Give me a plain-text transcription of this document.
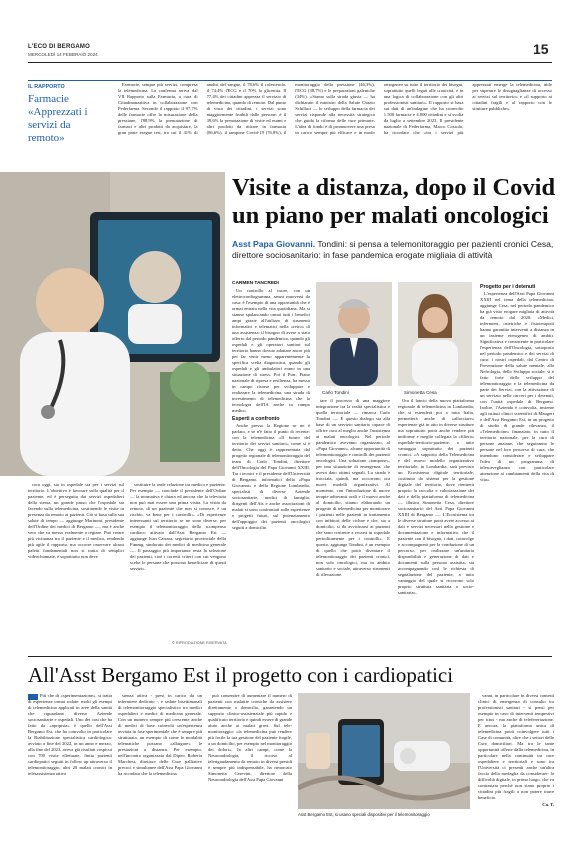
L'ECO DI BERGAMO
MERCOLEDÌ 14 FEBBRAIO 2024	15
IL RAPPORTO
Farmacie «Apprezzati i servizi da remoto»

Farmacie, sempre più servizi, compresa la telemedicina. La conferma arriva dal VII Rapporto sulla Farmacia, a cura di Cittadinanzattiva in collaborazione con Federfarma. Secondo il rapporto il 97,7% delle farmacie offre la misurazione della pressione, l'88,9% la prenotazione di farmaci e altri prodotti da acquistare, la gran parte esegue test, tra cui il 41% di analisi del sangue, il 78,6% il colesterolo, il 74,4% l'ECG e il 70% la glicemia. Il 77,4% dei cittadini apprezza il servizio di telemedicina, quando di remoto. Dal punto di vista dei cittadini, i servizi sono maggiormente fruibili dalle persone: è il 39,6% la prenotazione di visite ed esami e altri prodotti da ritirare in farmacia (86,6%), il tampone Covid-19 (76,8%), il monitoraggio della pressione (46,3%), l'ECG (38,7%) e le preparazioni galeniche (34%). «Siamo sulla strada giusta — ha dichiarato il ministro della Salute Orazio Schillaci — lo sviluppo della farmacia dei servizi risponde alla necessità strategica che guida la riforma delle cure primarie. L'idea di fondo è di promuovere una presa in carico sempre più efficace e in modo omogeneo su tutto il territorio dei bisogni, soprattutto quelli legati alle cronicità, e in una logica di collaborazione con gli altri professionisti sanitari». Il rapporto si basa sui dati di un'indagine che ha coinvolto 1.500 farmacie e 4.000 cittadini e si svolta da luglio a settembre 2023. Il presidente nazionale di Federfarma, Marco Cossolo, ha ricordato che «tra i servizi più apprezzati emerge la telemedicina, utile per superare le disuguaglianze di accesso ai servizi sul territorio» e «il supporto ai cittadini fragili e al rapporto con le strutture pubbliche».

Visite a distanza, dopo il Covid
un piano per malati oncologici
Asst Papa Giovanni. Tondini: si pensa a telemonitoraggio per pazienti cronici Cesa, direttore sociosanitario: in fase pandemica erogate migliaia di attività
CARMEN TANCREDI

Un controllo al cuore, con un elettrocardiogramma, senza muoversi da casa: è l'esempio di una opportunità che è ormai entrata nella vita quotidiana. Ma si stanno spalancando ormai tutti i benefici ampi grazie all'utilizzo di strumenti informatici e telematici nella «retro» di una assistenza: il bisogno di avere a stato offerto dal periodo pandemico, quando gli ospedali e gli operatori sanitari sul territorio hanno dovuto adattare ancor più per far venir meno apparentemente la specifica scelta diagnostica, quando gli ospedali e gli ambulatori erano in una situazione di stress. Poi il Purr, Piano nazionale di ripresa e resilienza, ha messo in campo risorse per sviluppare e realizzare la telemedicina, una strada di investimento di telemedicina che la tecnologia dell'IA anche in campo medico.

Esperti a confronto

Anche presso la Regione se ne è parlato, e se n'è fatto il punto di recente: con la telemedicina «Il futuro del territorio dei servizi sanitari», come si è detto. Che oggi è rappresentata dal progetto regionale di telemonitoraggio del team di Carlo Tondini, direttore dell'Oncologia del Papa Giovanni XXIII. Tra i tecnici e il presidente dell'Università di Bergamo, informatici della «Papa Giovanni» e della Regione Lombardia, specialisti di diverse Aziende sociosanitarie, medici di famiglia, dirigenti dell'Ats e anche associazioni di malati si sono confrontati sulle esperienze e progetti futuri, sul potenziamento dell'appoggio dei pazienti oncologici seguiti a domicilio.

Carlo Tondini	Simonetta Cesa

tare il processo di una maggiore integrazione tra la realtà specialistica e quella territoriale — rimarca Carlo Tondini —. E questo dialogo sta alla base di un servizio sanitario capace di offrire cura al meglio anche l'assistenza ai malati oncologici. Nel periodo pandemico avevamo organizzato, al «Papa Giovanni», alcune opportunità di telemonitoraggio e controlli dei pazienti oncologici. Una soluzione «tampone», per una situazione di emergenza, che aveva dato ottimi segnali. La strada è tracciata, quindi, ma occorrono ora nuovi modelli organizzativi. Al momento, con l'introduzione di nuove terapie adiuvanti orali e il nuovo anche al domicilio, stiamo elaborando un progetto di telemedicina per monitorare i pazienti nelle pazienti in trattamento con inibitori delle cicline e che, sia a domicilio, si da avvicinarsi ai pazienti che sono costrette a recarsi in ospedale periodicamente per i controlli». E questo, aggiunge Tondini, è un esempio di quello che potrà diventare il telemonitoraggio dei pazienti cronici, non solo oncologici, ma in ambito sanitario e sociale, attraverso strumenti di rilevazione.

Ora il lancio della nuova piattaforma regionale di telemedicina in Lombardia, che si estenderà poi a tutta Italia, permetterà anche di «allacciare» esperienze già in atto in diverse strutture ma soprattutto potrà anche rendere più uniforme e meglio collegata la «filiera» ospedale-territorio-paziente, a tutto vantaggio soprattutto dei pazienti cronici. «A supporto della Telemedicina e del nuovo modello organizzativo territoriale, in Lombardia, sarà previsto un Ecosistema digitale territoriale, costituito da sistemi per la gestione digitale del territorio, dove rientrerà proprio la raccolta e valorizzazione dei dati e della piattaforma di telemedicina — illustra Simonetta Cesa, direttore sociosanitario del Asst Papa Giovanni XXIII di Bergamo —. L'Ecosistema tra le diverse strutture potrà avere accesso ai dati e servizi necessari nella gestione e documentazione e informativo che il paziente con il bisogno, i dati, coinvolge e accompagnerà per la conduzione di un percorso, per realizzare un'unitaria disponibilità e generazione di dati e documenti sulla persona assistita, sia accompagnando così le richiesta di segnalazione del paziente, a tutto vantaggio del quale si ricorrono solo proprio struttura sanitaria o socio-sanitaria».

Progetto per i detenuti

L'esperienza dell'Asst Papa Giovanni XXIII nel tema della telemedicina, aggiunge Cesa, nel periodo pandemico ha già visto erogare migliaia di attività da remoto dal 2020: «Medici, infermieri, ostetriche e fisioterapisti hanno garantito interventi a distanza in un insieme eterogeneo di ambiti. Significativa e consistente in particolare l'esperienza dell'Oncologia, sottoposto nel periodo pandemico e dei servizi di cura: i nostri ospedali, dal Centro di Prevenzione della salute mentale, alla Nefrologia, dello Sviluppo sociale; si è fatto forte dello sviluppo del telemonitoraggio e la telemedicina da parte dei Servizi, con la attivazione di un servizio nelle carceri per i detenuti, con l'unità ospedale di Bergamo. Inoltre, l'Azienda è coinvolta, insieme agli istituti clinici scientifici di Maugeri e dell'Asst Bergamo Est, in un progetto di studio di grande rilevanza, il «Telemedicine» finanziato, in tutto il territorio nazionale, per la cura di persone anziane, che seguiranno le persone nel loro percorso di cura, che intendono considerare e sviluppare l'idea di un programma di telesorveglianza con particolare attenzione ai cambiamenti della vita di vita».

cora oggi, sia in ospedale sia per i servizi sul territorio. L'obiettivo è lavorare sulla qualità per il paziente, ed è perseguita dai servizi ospedalieri della stessa, un grande passo che l'ospedale sta facendo sulla telemedicina, sostituendo le visite in presenza da remoto ai pazienti. Ciò si basa sulla sua salute di tempo — aggiunge Marinoni, presidente dell'Ordine dei medici di Bergamo —, ma è anche vero che va messo realmente a regime. Può creare più vicinanza tra il paziente e il medico, rendendo più agile il rapporto, ma occorre osservare alcuni paletti fondamentali non si tratta di semplici videochiamate, è soprattutto non deve

sostituire la reale relazione tra medico e paziente. Per esempio — conclude il presidente dell'Ordine — la normativa è chiara ed ancora che la televisita non può mai essere una prima visita. La visita da remoto, di un paziente che non si conosce, è un rischio, va bene per i controlli». «Di esperienze interessanti sul territorio se ne sono diverse, per esempio il telemonitoraggio dello scompenso cardiaco attivato dall'Asst Bergamo Est — aggiunge Ivan Carrara, segretario provinciale della Fimmg, sindacato dei medici di medicina generale —. Il passaggio più importante resta la selezione dei pazienti, cioè i corretti criteri con cui vengono scelte le persone che possono beneficiare di questi servizi».

© RIPRODUZIONE RISERVATA
All'Asst Bergamo Est il progetto con i cardiopatici

Più che di «sperimentazione», si tratta di esperienze ormai rodate: molti gli esempi di telemedicina applicati in aree della sanità che riguardano diverse Aziende sociosanitarie e ospedali. Uno dei casi che ha fatto da «apripista» è quello dell'Asst Bergamo Est, che ha coinvolto in particolare la Riabilitazione specialistica cardiologica: avviato a fine del 2022, in un anno e mezzo, alla fine del 2023, aveva già risultati cospicui con 700 visite effettuate, finita pazienti cardiopatici seguiti in follow up attraverso il telemonitoraggio, altri 20 malati cronici in telesassistenza attiva

stenza attiva - presi in carico da un infermiere dedicato -, e sedute bisettimanali di telemonitorraggio specialistico tra medici ospedalieri e medici di medicina generale. Con un numero sempre più crescente anche di medici di base coinvolti un'esperienza avviata in fase sperimentale che è sempre più strutturata, un esempio di come le modalità telematiche possano «allargare» le prestazioni a distanza. Per esempio, nell'incontro organizzato dal Dipeo, Roberta Marchesi, direttore delle Cure palliative precoci e simultanee dell'Asst Papa Giovanni ha ricordato che la telemedicina

può consentire di aumentare il numero di pazienti con malattie croniche da assistere direttamente a domicilio, garantendo un supporto clinico-assistenziale più rapido e qualificato territorio e quindi essere di grande aiuto anche ai malati gravi. Sul tele-monitoraggio: «la telemedicina può rendere più facile la tua gestione del paziente fragile, a un domicilio, per esempio nel monitoraggio dei dolori». In altri campi, come la Neuroradiologia, il ricorso al telerigaudamento da remoto in diversi presidi è sempre più indispensabile, ha rimarcato Simonetta Gerevini, direttore della Neuroradiologia dell'Asst Papa Giovanni

Asst Bergamo Est, si usano speciali dispositivi per il telemonitoraggio

vanni, in particolare in diversi contesti clinici di emergenza di consulto tra professionisti sanitari - si pensi per esempio in caso di interventi tempestivi per ictus - ma anche di teleferertazione. E ancora, la piattaforma unica di telemedicina potrà coinvolgere tutti i Case di comunità, oltre che i settori delle Cure domiciliari. Ma tra le tante opportunità offerte dalla telemedicina, in particolare nella continuità tra cure ospedaliere e territoriali e sono tra l'Università ci presenti anche un'altra faccia della medaglia da considerare: la difficoltà digitale, in primo luogo, che va contrastata perché non siano proprio i cittadini più fragili a non potere trarre beneficio.

Ca. T.
